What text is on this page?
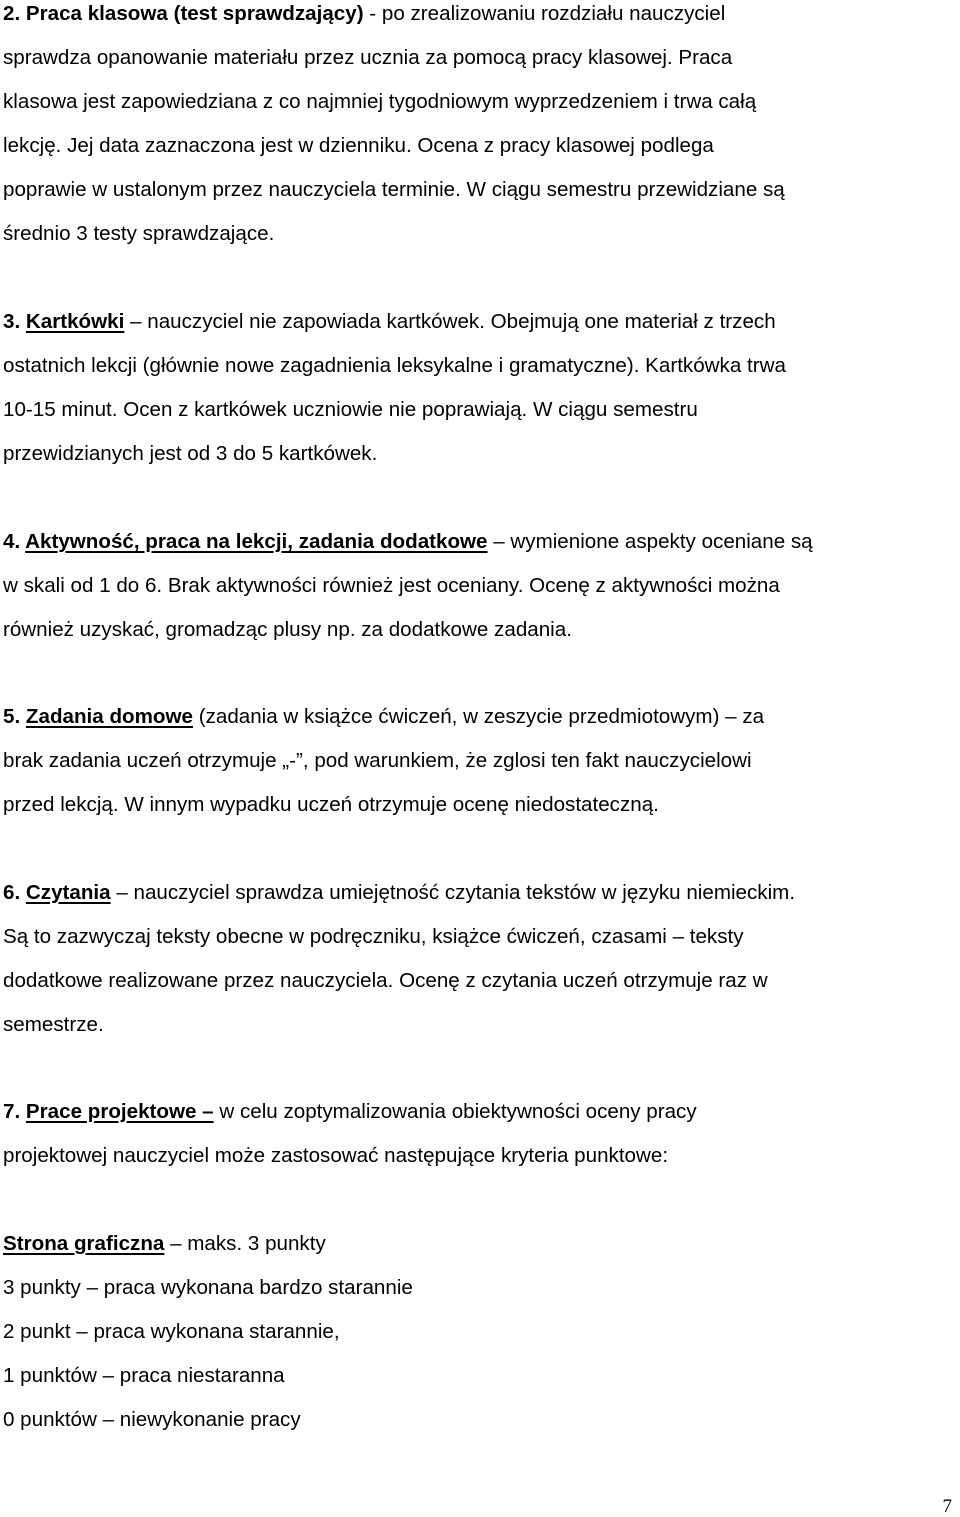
2. Praca klasowa (test sprawdzający) - po zrealizowaniu rozdziału nauczyciel
sprawdza opanowanie materiału przez ucznia za pomocą pracy klasowej. Praca
klasowa jest zapowiedziana z co najmniej tygodniowym wyprzedzeniem i trwa całą
lekcję. Jej data zaznaczona jest w dzienniku. Ocena z pracy klasowej podlega
poprawie w ustalonym przez nauczyciela terminie. W ciągu semestru przewidziane są
średnio 3 testy sprawdzające.
3. Kartkówki – nauczyciel nie zapowiada kartkówek. Obejmują one materiał z trzech
ostatnich lekcji (głównie nowe zagadnienia leksykalne i gramatyczne). Kartkówka trwa
10-15 minut. Ocen z kartkówek uczniowie nie poprawiają. W ciągu semestru
przewidzianych jest od 3 do 5 kartkówek.
4. Aktywność, praca na lekcji, zadania dodatkowe – wymienione aspekty oceniane są
w skali od 1 do 6. Brak aktywności również jest oceniany. Ocenę z aktywności można
również uzyskać, gromadząc plusy np. za dodatkowe zadania.
5. Zadania domowe (zadania w książce ćwiczeń, w zeszycie przedmiotowym) – za
brak zadania uczeń otrzymuje „-”, pod warunkiem, że zglosi ten fakt nauczycielowi
przed lekcją. W innym wypadku uczeń otrzymuje ocenę niedostateczną.
6. Czytania – nauczyciel sprawdza umiejętność czytania tekstów w języku niemieckim.
Są to zazwyczaj teksty obecne w podręczniku, książce ćwiczeń, czasami – teksty
dodatkowe realizowane przez nauczyciela. Ocenę z czytania uczeń otrzymuje raz w
semestrze.
7. Prace projektowe – w celu zoptymalizowania obiektywności oceny pracy
projektowej nauczyciel może zastosować następujące kryteria punktowe:
Strona graficzna – maks. 3 punkty
3 punkty – praca wykonana bardzo starannie
2 punkt – praca wykonana starannie,
1 punktów – praca niestaranna
0 punktów – niewykonanie pracy
7
